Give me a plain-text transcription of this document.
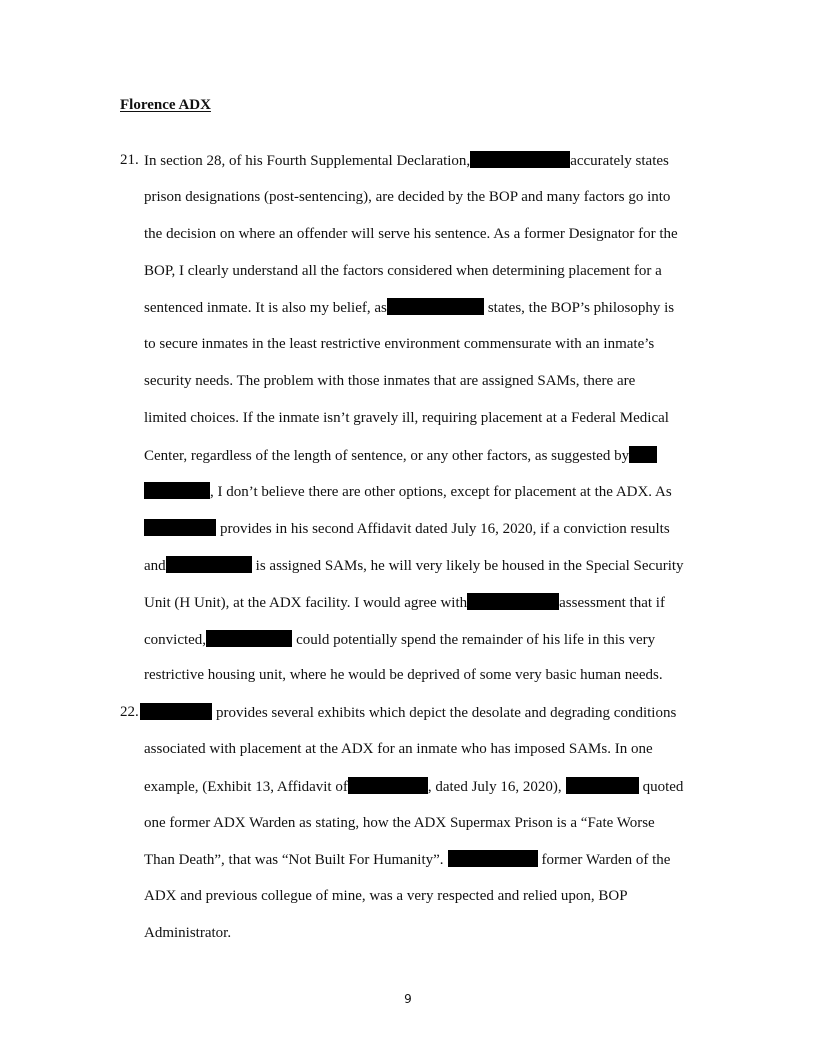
Florence ADX
21. In section 28, of his Fourth Supplemental Declaration,	accurately states
prison designations (post-sentencing), are decided by the BOP and many factors go into
the decision on where an offender will serve his sentence. As a former Designator for the
BOP, I clearly understand all the factors considered when determining placement for a
sentenced inmate. It is also my belief, as	states, the BOP’s philosophy is
to secure inmates in the least restrictive environment commensurate with an inmate’s
security needs. The problem with those inmates that are assigned SAMs, there are
limited choices. If the inmate isn’t gravely ill, requiring placement at a Federal Medical
Center, regardless of the length of sentence, or any other factors, as suggested by
, I don’t believe there are other options, except for placement at the ADX. As
provides in his second Affidavit dated July 16, 2020, if a conviction results
and	is assigned SAMs, he will very likely be housed in the Special Security
Unit (H Unit), at the ADX facility. I would agree with	assessment that if
convicted,	could potentially spend the remainder of his life in this very
restrictive housing unit, where he would be deprived of some very basic human needs.
22.	provides several exhibits which depict the desolate and degrading conditions
associated with placement at the ADX for an inmate who has imposed SAMs. In one
example, (Exhibit 13, Affidavit of	, dated July 16, 2020),	quoted
one former ADX Warden as stating, how the ADX Supermax Prison is a “Fate Worse
Than Death”, that was “Not Built For Humanity”.	former Warden of the
ADX and previous collegue of mine, was a very respected and relied upon, BOP
Administrator.
9
